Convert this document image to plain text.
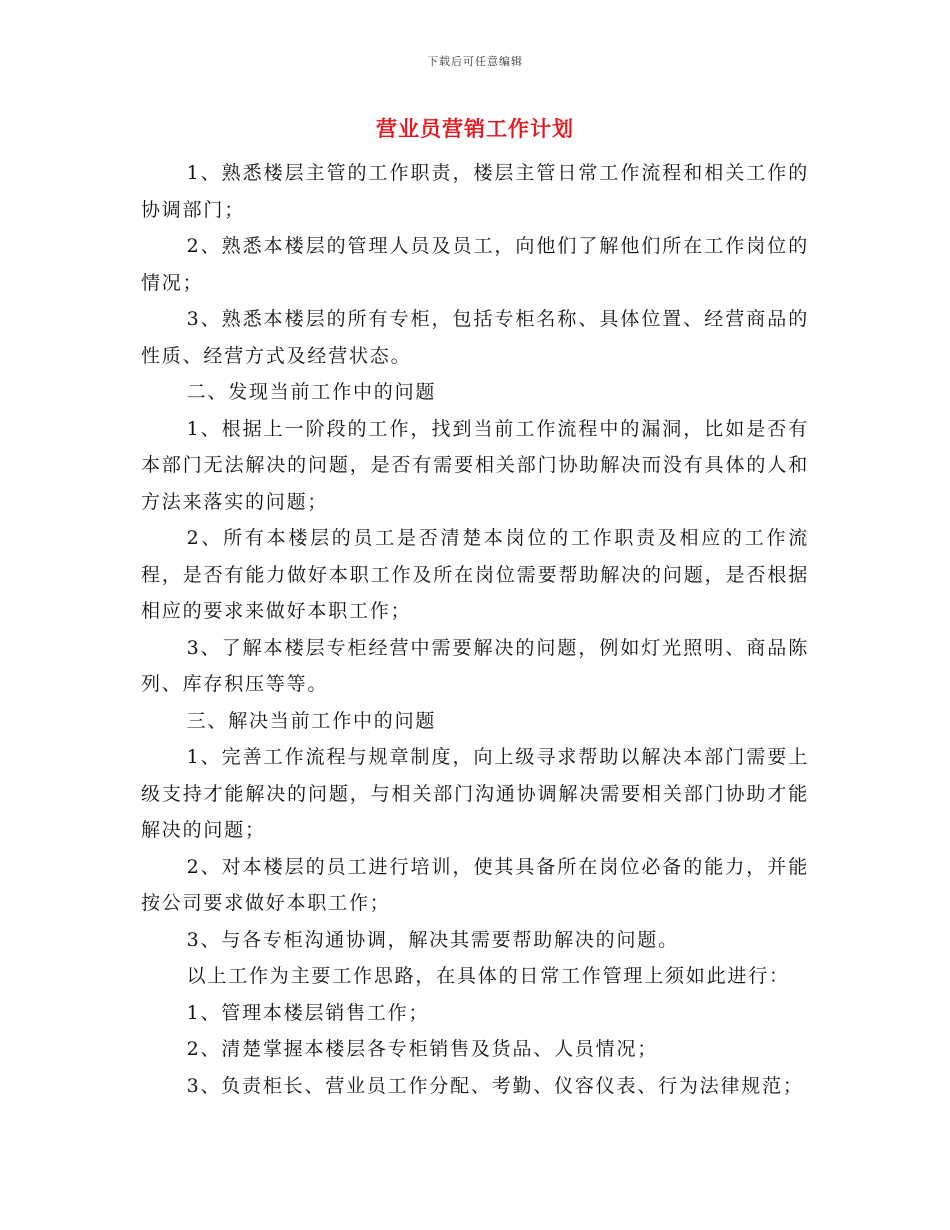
下载后可任意编辑
营业员营销工作计划

1、熟悉楼层主管的工作职责，楼层主管日常工作流程和相关工作的协调部门；

2、熟悉本楼层的管理人员及员工，向他们了解他们所在工作岗位的情况；

3、熟悉本楼层的所有专柜，包括专柜名称、具体位置、经营商品的性质、经营方式及经营状态。

二、发现当前工作中的问题

1、根据上一阶段的工作，找到当前工作流程中的漏洞，比如是否有本部门无法解决的问题，是否有需要相关部门协助解决而没有具体的人和方法来落实的问题；

2、所有本楼层的员工是否清楚本岗位的工作职责及相应的工作流程，是否有能力做好本职工作及所在岗位需要帮助解决的问题，是否根据相应的要求来做好本职工作；

3、了解本楼层专柜经营中需要解决的问题，例如灯光照明、商品陈列、库存积压等等。

三、解决当前工作中的问题

1、完善工作流程与规章制度，向上级寻求帮助以解决本部门需要上级支持才能解决的问题，与相关部门沟通协调解决需要相关部门协助才能解决的问题；

2、对本楼层的员工进行培训，使其具备所在岗位必备的能力，并能按公司要求做好本职工作；

3、与各专柜沟通协调，解决其需要帮助解决的问题。

以上工作为主要工作思路，在具体的日常工作管理上须如此进行：

1、管理本楼层销售工作；

2、清楚掌握本楼层各专柜销售及货品、人员情况；

3、负责柜长、营业员工作分配、考勤、仪容仪表、行为法律规范；
